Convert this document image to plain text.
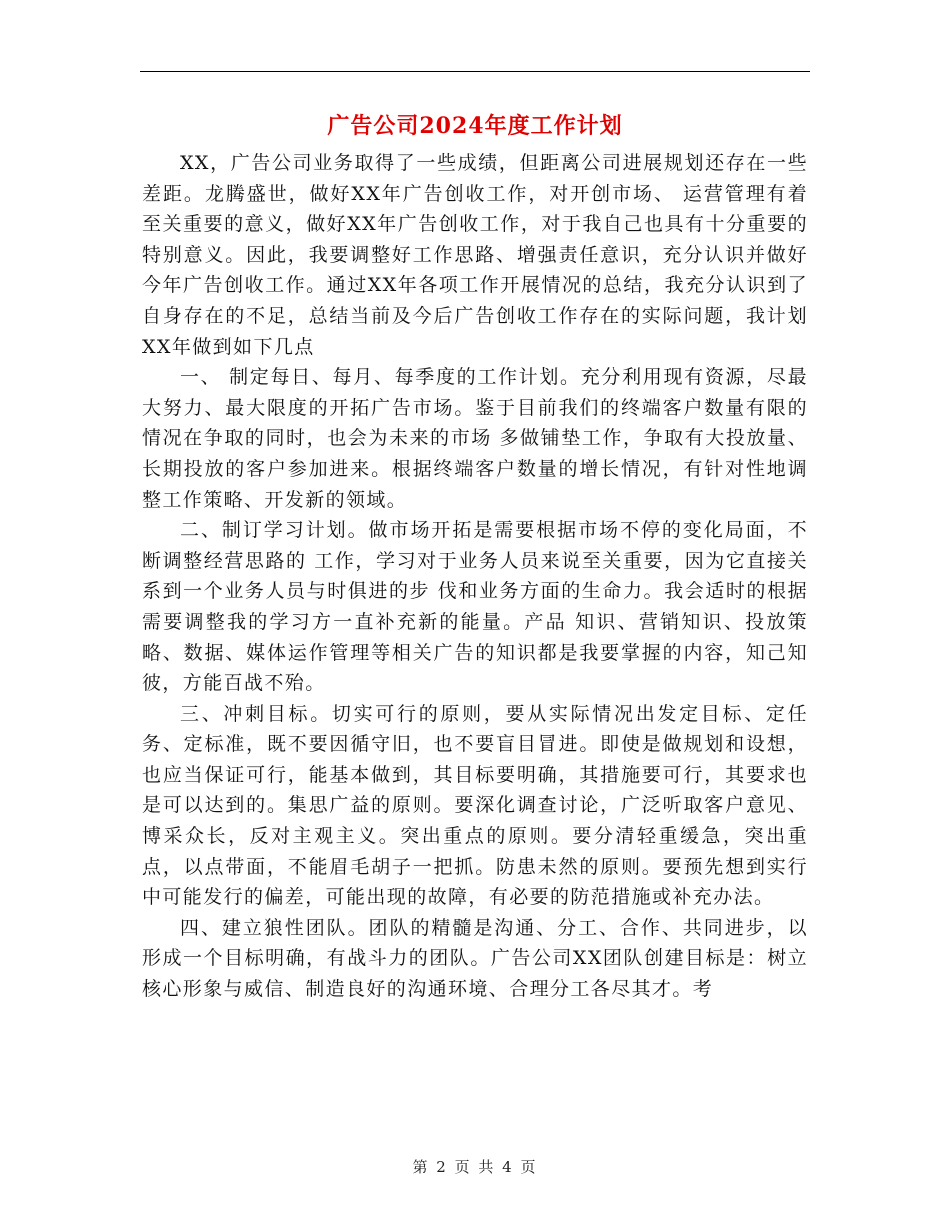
广告公司2024年度工作计划

XX，广告公司业务取得了一些成绩，但距离公司进展规划还存在一些差距。龙腾盛世，做好XX年广告创收工作，对开创市场、 运营管理有着至关重要的意义，做好XX年广告创收工作，对于我自己也具有十分重要的特别意义。因此，我要调整好工作思路、增强责任意识，充分认识并做好今年广告创收工作。通过XX年各项工作开展情况的总结，我充分认识到了自身存在的不足，总结当前及今后广告创收工作存在的实际问题，我计划XX年做到如下几点

一、 制定每日、每月、每季度的工作计划。充分利用现有资源，尽最大努力、最大限度的开拓广告市场。鉴于目前我们的终端客户数量有限的情况在争取的同时，也会为未来的市场 多做铺垫工作，争取有大投放量、长期投放的客户参加进来。根据终端客户数量的增长情况，有针对性地调整工作策略、开发新的领域。

二、制订学习计划。做市场开拓是需要根据市场不停的变化局面，不断调整经营思路的 工作，学习对于业务人员来说至关重要，因为它直接关系到一个业务人员与时俱进的步 伐和业务方面的生命力。我会适时的根据需要调整我的学习方一直补充新的能量。产品 知识、营销知识、投放策略、数据、媒体运作管理等相关广告的知识都是我要掌握的内容，知己知彼，方能百战不殆。

三、冲刺目标。切实可行的原则，要从实际情况出发定目标、定任务、定标准，既不要因循守旧，也不要盲目冒进。即使是做规划和设想，也应当保证可行，能基本做到，其目标要明确，其措施要可行，其要求也是可以达到的。集思广益的原则。要深化调查讨论，广泛听取客户意见、博采众长，反对主观主义。突出重点的原则。要分清轻重缓急，突出重点，以点带面，不能眉毛胡子一把抓。防患未然的原则。要预先想到实行中可能发行的偏差，可能出现的故障，有必要的防范措施或补充办法。

四、建立狼性团队。团队的精髓是沟通、分工、合作、共同进步，以形成一个目标明确，有战斗力的团队。广告公司XX团队创建目标是：树立核心形象与威信、制造良好的沟通环境、合理分工各尽其才。考

第 2 页 共 4 页
